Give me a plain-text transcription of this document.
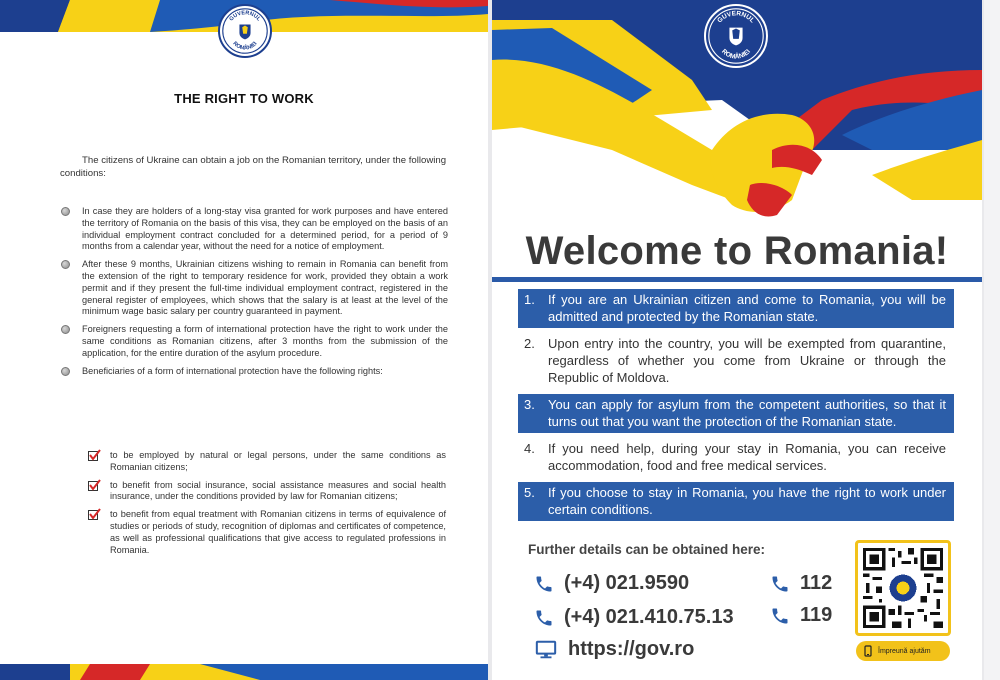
GUVERNUL
ROMÂNIEI
THE RIGHT TO WORK

The citizens of Ukraine can obtain a job on the Romanian territory, under the following conditions:

In case they are holders of a long-stay visa granted for work purposes and have entered the territory of Romania on the basis of this visa, they can be employed on the basis of an individual employment contract concluded for a determined period, for a period of 9 months from a calendar year, without the need for a notice of employment.
After these 9 months, Ukrainian citizens wishing to remain in Romania can benefit from the extension of the right to temporary residence for work, provided they obtain a work permit and if they present the full-time individual employment contract, registered in the general register of employees, which shows that the salary is at least at the level of the minimum wage basic salary per country guaranteed in payment.
Foreigners requesting a form of international protection have the right to work under the same conditions as Romanian citizens, after 3 months from the submission of the application, for the entire duration of the asylum procedure.
Beneficiaries of a form of international protection have the following rights:
to be employed by natural or legal persons, under the same conditions as Romanian citizens;
to benefit from social insurance, social assistance measures and social health insurance, under the conditions provided by law for Romanian citizens;
to benefit from equal treatment with Romanian citizens in terms of equivalence of studies or periods of study, recognition of diplomas and certificates of competence, as well as professional qualifications that give access to regulated professions in Romania.
GUVERNUL
ROMÂNIEI
Welcome to Romania!
1.	If you are an Ukrainian citizen and come to Romania, you will be admitted and protected by the Romanian state.
2.	Upon entry into the country, you will be exempted from quarantine, regardless of whether you come from Ukraine or through the Republic of Moldova.
3.	You can apply for asylum from the competent authorities, so that it turns out that you want the protection of the Romanian state.
4.	If you need help, during your stay in Romania, you can receive accommodation, food and free medical services.
5.	If you choose to stay in Romania, you have the right to work under certain conditions.
Further details can be obtained here:
(+4) 021.9590
(+4) 021.410.75.13
https://gov.ro
112
119
Împreună ajutăm
